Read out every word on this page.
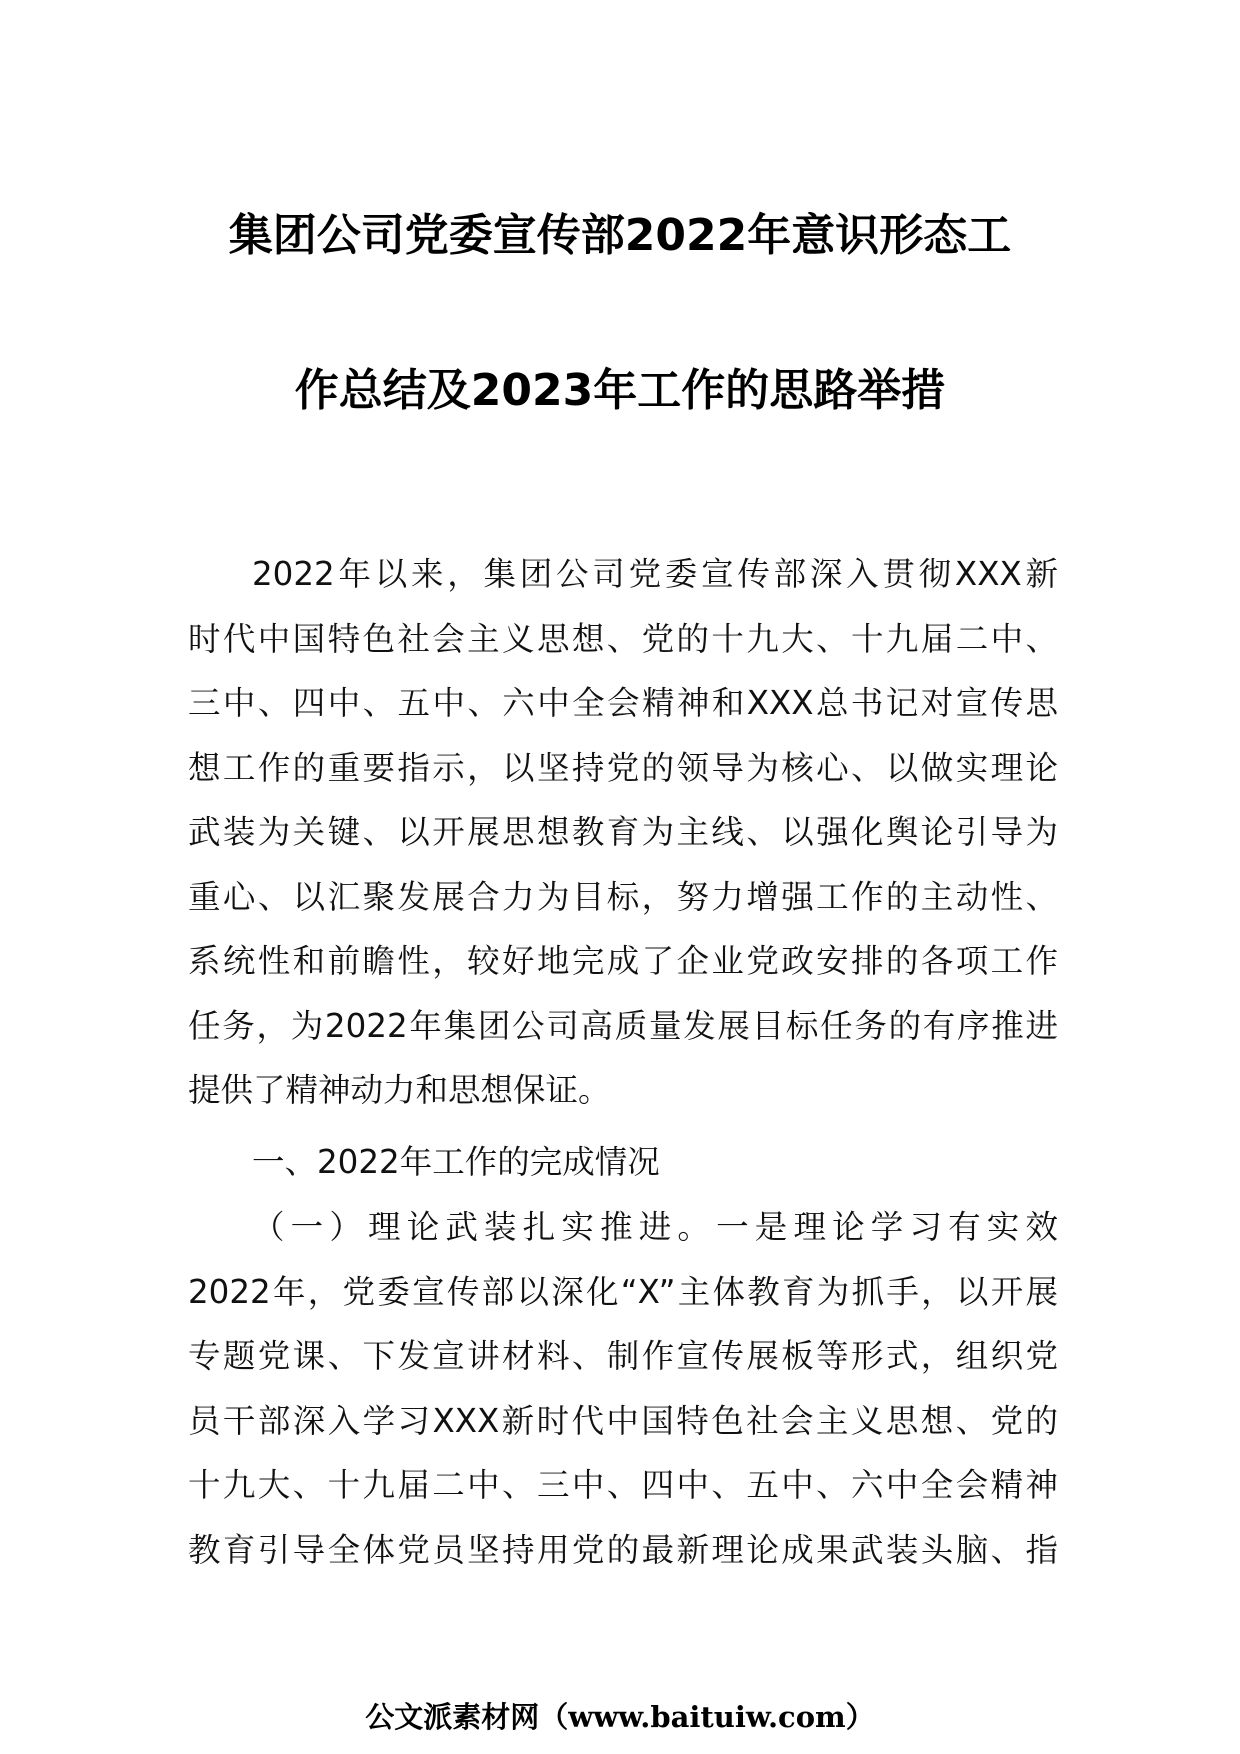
集团公司党委宣传部2022年意识形态工
作总结及2023年工作的思路举措
2022年以来，集团公司党委宣传部深入贯彻XXX新
时代中国特色社会主义思想、党的十九大、十九届二中、
三中、四中、五中、六中全会精神和XXX总书记对宣传思
想工作的重要指示，以坚持党的领导为核心、以做实理论
武装为关键、以开展思想教育为主线、以强化舆论引导为
重心、以汇聚发展合力为目标，努力增强工作的主动性、
系统性和前瞻性，较好地完成了企业党政安排的各项工作
任务，为2022年集团公司高质量发展目标任务的有序推进
提供了精神动力和思想保证。
一、2022年工作的完成情况
（一）理论武装扎实推进。一是理论学习有实效
2022年，党委宣传部以深化“X”主体教育为抓手，以开展
专题党课、下发宣讲材料、制作宣传展板等形式，组织党
员干部深入学习XXX新时代中国特色社会主义思想、党的
十九大、十九届二中、三中、四中、五中、六中全会精神
教育引导全体党员坚持用党的最新理论成果武装头脑、指
公文派素材网（www.baituiw.com）
